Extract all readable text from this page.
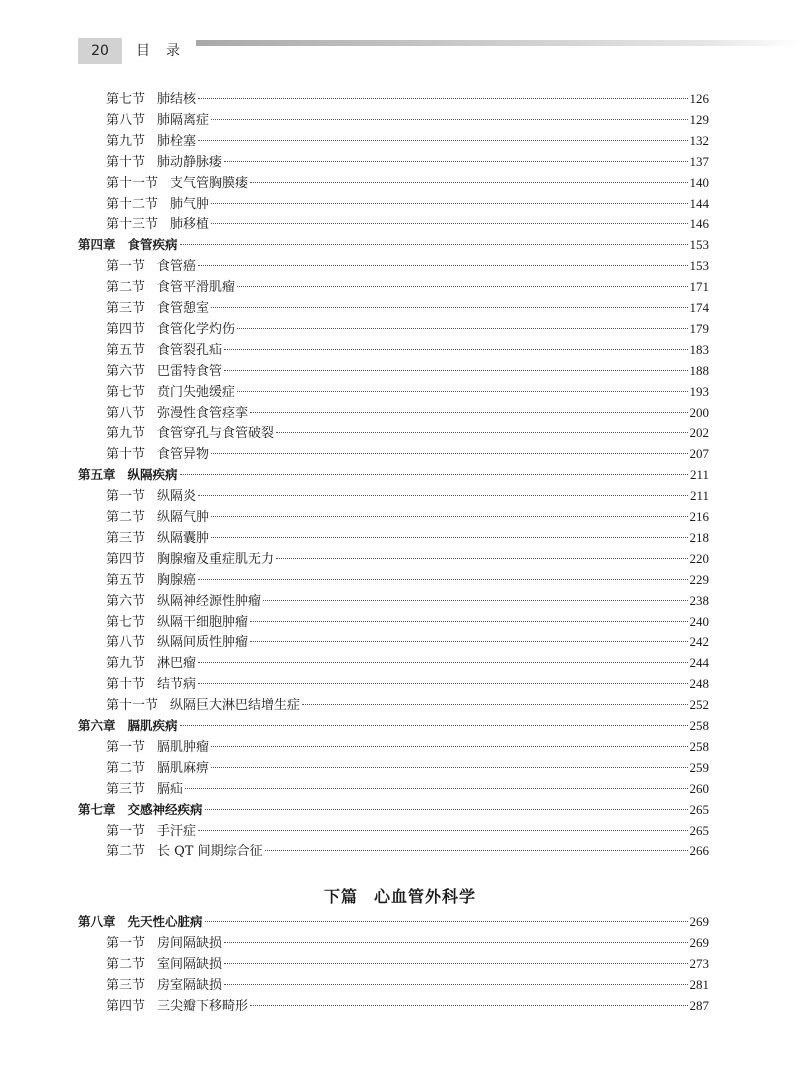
20	目录
第七节 肺结核	126
第八节 肺隔离症	129
第九节 肺栓塞	132
第十节 肺动静脉瘘	137
第十一节 支气管胸膜瘘	140
第十二节 肺气肿	144
第十三节 肺移植	146
第四章 食管疾病	153
第一节 食管癌	153
第二节 食管平滑肌瘤	171
第三节 食管憩室	174
第四节 食管化学灼伤	179
第五节 食管裂孔疝	183
第六节 巴雷特食管	188
第七节 贲门失弛缓症	193
第八节 弥漫性食管痉挛	200
第九节 食管穿孔与食管破裂	202
第十节 食管异物	207
第五章 纵隔疾病	211
第一节 纵隔炎	211
第二节 纵隔气肿	216
第三节 纵隔囊肿	218
第四节 胸腺瘤及重症肌无力	220
第五节 胸腺癌	229
第六节 纵隔神经源性肿瘤	238
第七节 纵隔干细胞肿瘤	240
第八节 纵隔间质性肿瘤	242
第九节 淋巴瘤	244
第十节 结节病	248
第十一节 纵隔巨大淋巴结增生症	252
第六章 膈肌疾病	258
第一节 膈肌肿瘤	258
第二节 膈肌麻痹	259
第三节 膈疝	260
第七章 交感神经疾病	265
第一节 手汗症	265
第二节 长 QT 间期综合征	266
第八章 先天性心脏病	269
第一节 房间隔缺损	269
第二节 室间隔缺损	273
第三节 房室隔缺损	281
第四节 三尖瓣下移畸形	287
下篇 心血管外科学
